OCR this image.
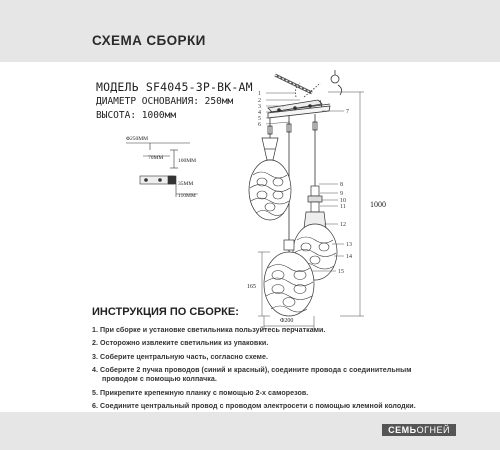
СХЕМА СБОРКИ
МОДЕЛЬ SF4045-3P-BK-AM
ДИАМЕТР ОСНОВАНИЯ: 250мм
ВЫСОТА: 1000мм
1
2
3
4
5
6
7
8
9
10
11
12
13
14
15
1000
165
Φ200
Φ250MM
70MM	100MM
35MM
110MM
ИНСТРУКЦИЯ ПО СБОРКЕ:
1. При сборке и установке светильника пользуйтесь перчатками.
2. Осторожно извлеките светильник из упаковки.
3. Соберите центральную часть, согласно схеме.
4. Соберите 2 пучка проводов (синий и красный), соедините провода с соединительным
проводом с помощью колпачка.
5. Прикрепите крепежную планку с помощью 2-х саморезов.
6. Соедините центральный провод с проводом электросети с помощью клемной колодки.
СЕМЬОГНЕЙ
